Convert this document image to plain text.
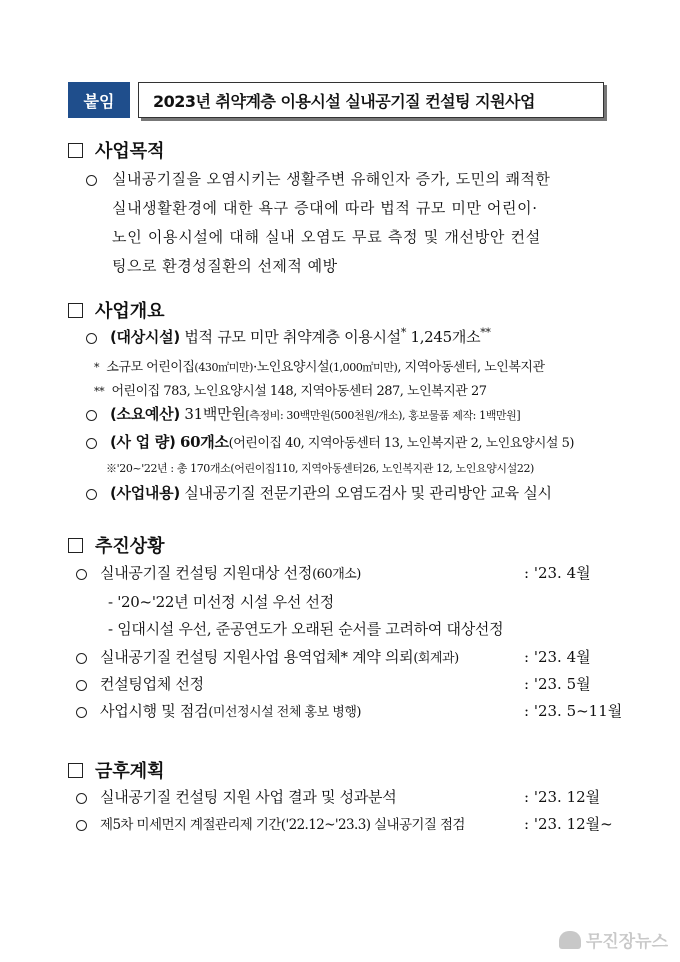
붙임	2023년 취약계층 이용시설 실내공기질 컨설팅 지원사업
사업목적
실내공기질을 오염시키는 생활주변 유해인자 증가, 도민의 쾌적한
실내생활환경에 대한 욕구 증대에 따라 법적 규모 미만 어린이·
노인 이용시설에 대해 실내 오염도 무료 측정 및 개선방안 컨설
팅으로 환경성질환의 선제적 예방
사업개요
(대상시설) 법적 규모 미만 취약계층 이용시설* 1,245개소**
* 소규모 어린이집(430㎡미만)·노인요양시설(1,000㎡미만), 지역아동센터, 노인복지관
** 어린이집 783, 노인요양시설 148, 지역아동센터 287, 노인복지관 27
(소요예산) 31백만원[측정비: 30백만원(500천원/개소), 홍보물품 제작: 1백만원]
(사 업 량) 60개소(어린이집 40, 지역아동센터 13, 노인복지관 2, 노인요양시설 5)
※'20~'22년 : 총 170개소(어린이집110, 지역아동센터26, 노인복지관 12, 노인요양시설22)
(사업내용) 실내공기질 전문기관의 오염도검사 및 관리방안 교육 실시
추진상황
실내공기질 컨설팅 지원대상 선정(60개소)	: '23. 4월
- '20~'22년 미선정 시설 우선 선정
- 임대시설 우선, 준공연도가 오래된 순서를 고려하여 대상선정
실내공기질 컨설팅 지원사업 용역업체* 계약 의뢰(회계과)	: '23. 4월
컨설팅업체 선정	: '23. 5월
사업시행 및 점검(미선정시설 전체 홍보 병행)	: '23. 5~11월
금후계획
실내공기질 컨설팅 지원 사업 결과 및 성과분석	: '23. 12월
제5차 미세먼지 계절관리제 기간('22.12~'23.3) 실내공기질 점검	: '23. 12월~
무진장뉴스
